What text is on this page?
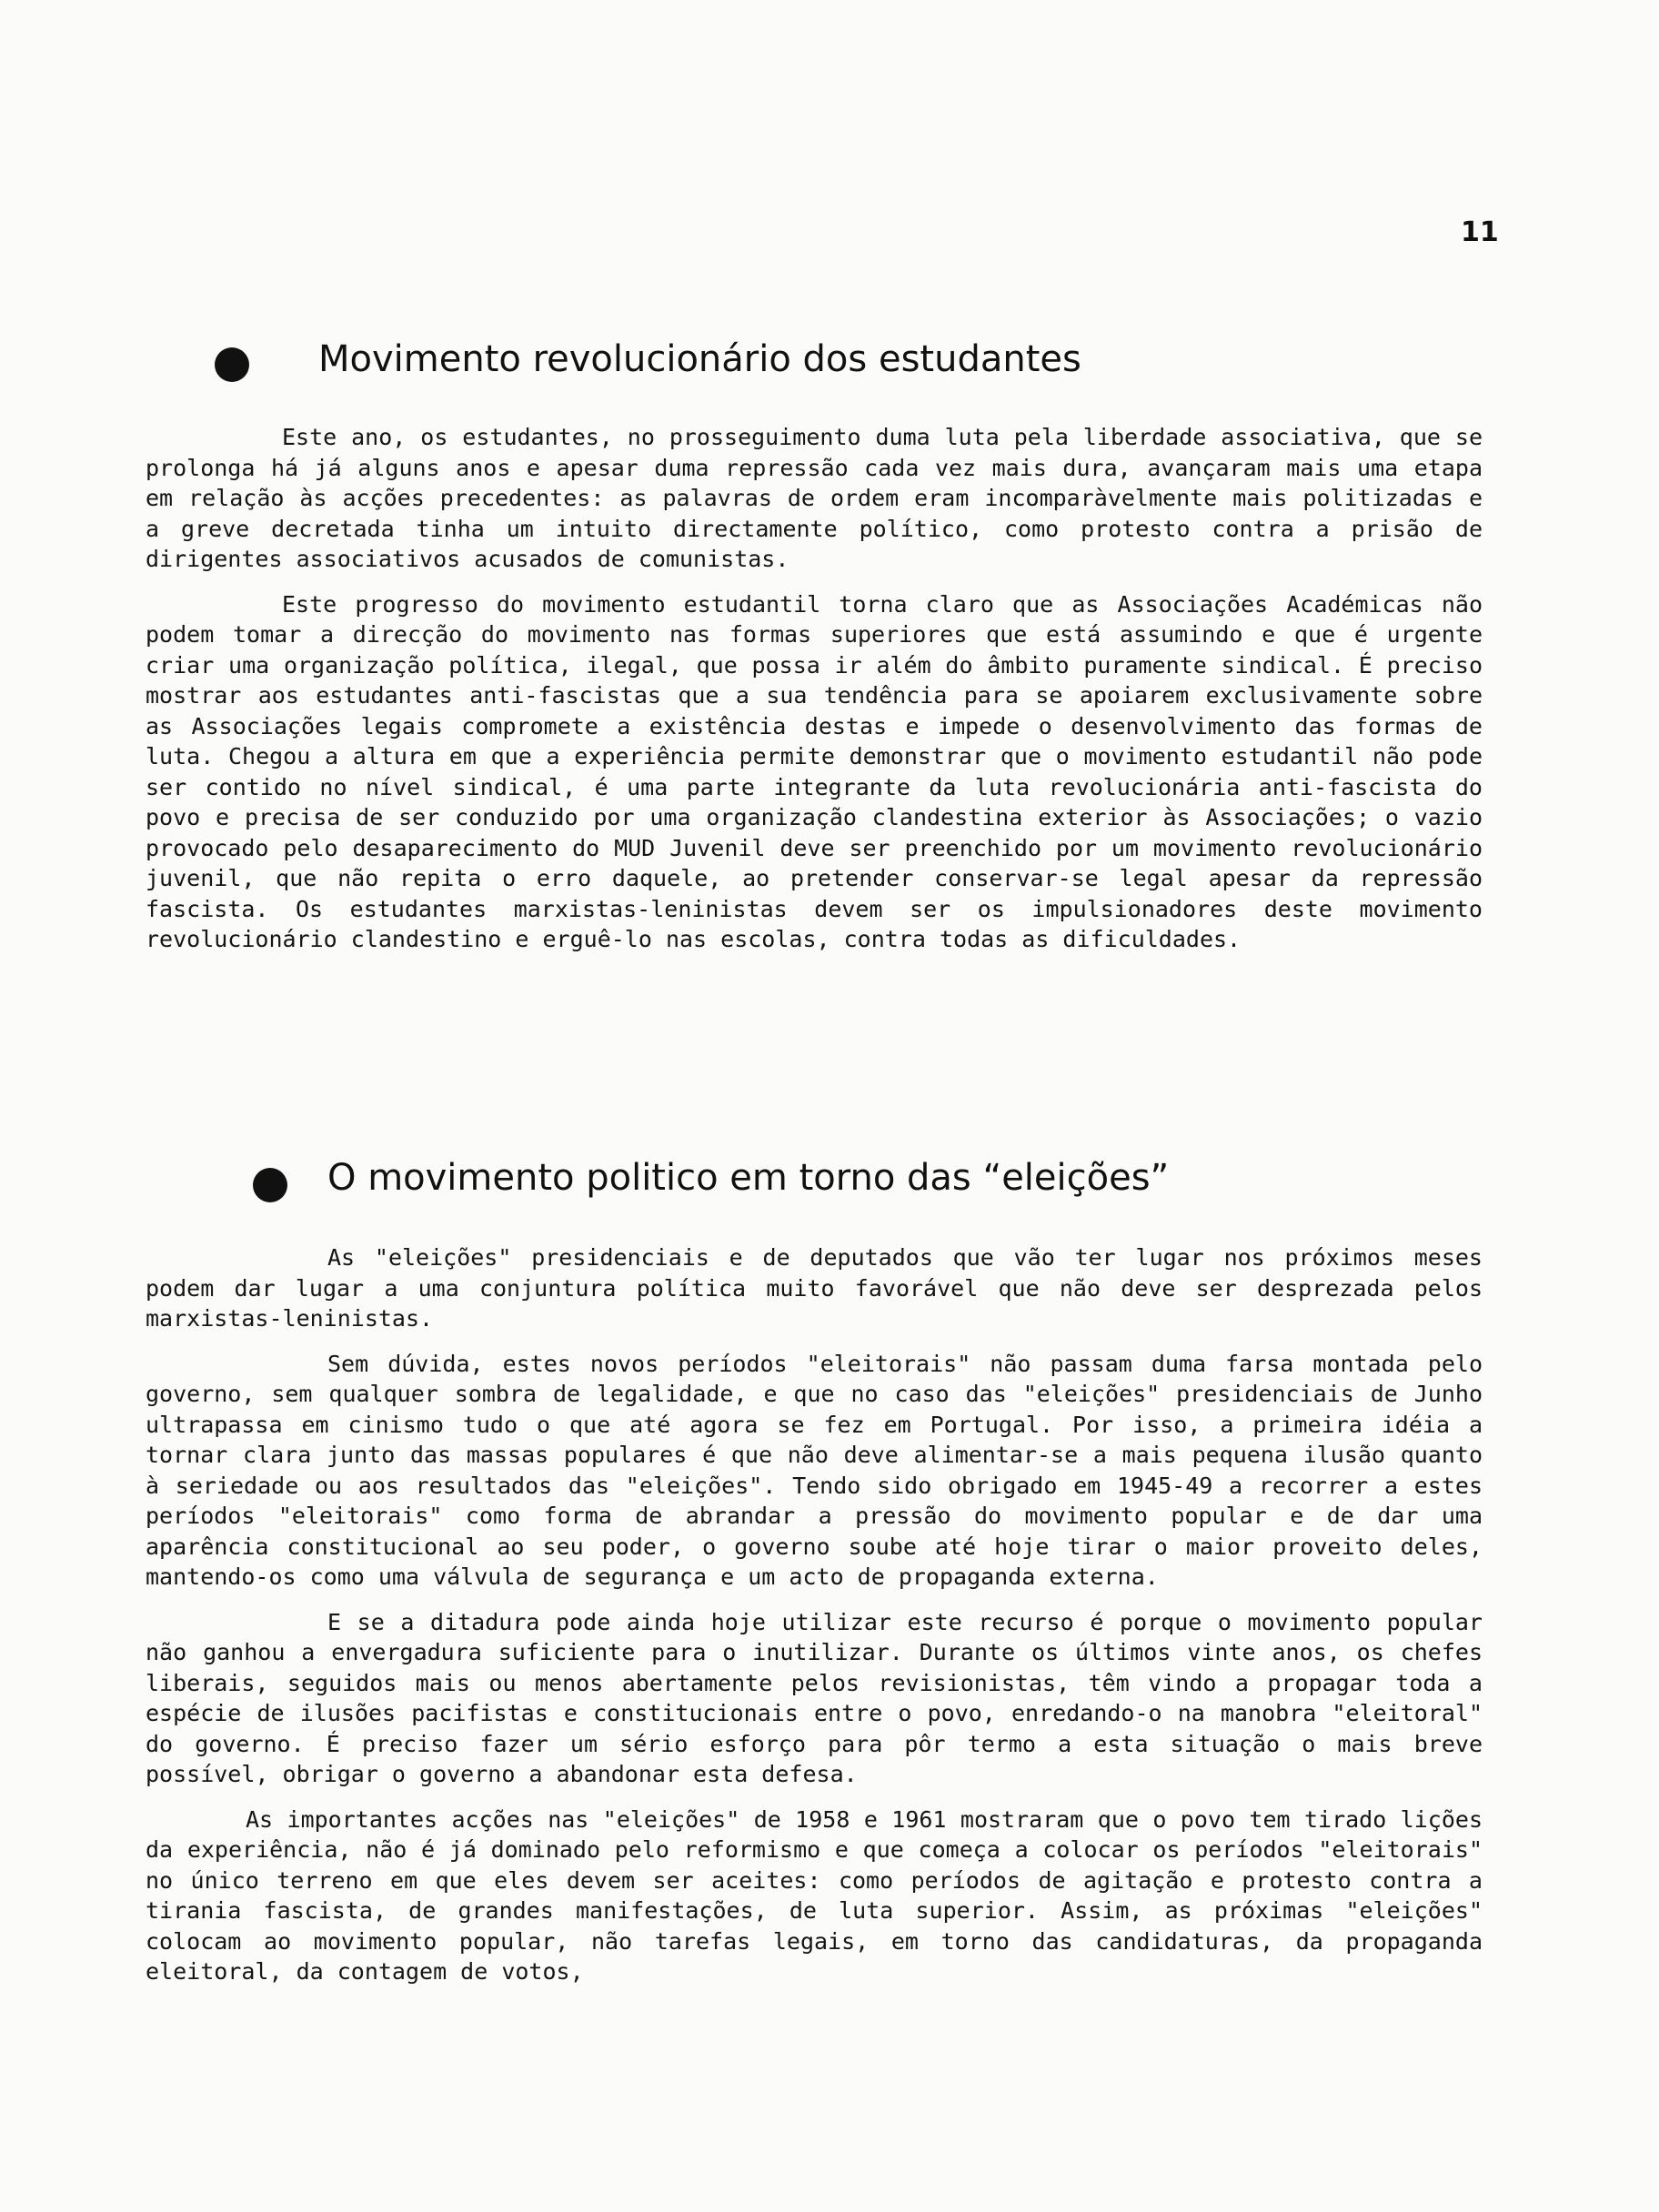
11
Movimento revolucionário dos estudantes

Este ano, os estudantes, no prosseguimento duma luta pela liberdade associativa, que se prolonga há já alguns anos e apesar duma repressão cada vez mais dura, avançaram mais uma etapa em relação às acções precedentes: as palavras de ordem eram incomparàvelmente mais politizadas e a greve decretada tinha um intuito directamente político, como protesto contra a prisão de dirigentes associativos acusados de comunistas.

Este progresso do movimento estudantil torna claro que as Associações Académicas não podem tomar a direcção do movimento nas formas superiores que está assumindo e que é urgente criar uma organização política, ilegal, que possa ir além do âmbito puramente sindical. É preciso mostrar aos estudantes anti-fascistas que a sua tendência para se apoiarem exclusivamente sobre as Associações legais compromete a existência destas e impede o desenvolvimento das formas de luta. Chegou a altura em que a experiência permite demonstrar que o movimento estudantil não pode ser contido no nível sindical, é uma parte integrante da luta revolucionária anti-fascista do povo e precisa de ser conduzido por uma organização clandestina exterior às Associações; o vazio provocado pelo desaparecimento do MUD Juvenil deve ser preenchido por um movimento revolucionário juvenil, que não repita o erro daquele, ao pretender conservar-se legal apesar da repressão fascista. Os estudantes marxistas-leninistas devem ser os impulsionadores deste movimento revolucionário clandestino e erguê-lo nas escolas, contra todas as dificuldades.

O movimento politico em torno das “eleições”

As "eleições" presidenciais e de deputados que vão ter lugar nos próximos meses podem dar lugar a uma conjuntura política muito favorável que não deve ser desprezada pelos marxistas-leninistas.

Sem dúvida, estes novos períodos "eleitorais" não passam duma farsa montada pelo governo, sem qualquer sombra de legalidade, e que no caso das "eleições" presidenciais de Junho ultrapassa em cinismo tudo o que até agora se fez em Portugal. Por isso, a primeira idéia a tornar clara junto das massas populares é que não deve alimentar-se a mais pequena ilusão quanto à seriedade ou aos resultados das "eleições". Tendo sido obrigado em 1945-49 a recorrer a estes períodos "eleitorais" como forma de abrandar a pressão do movimento popular e de dar uma aparência constitucional ao seu poder, o governo soube até hoje tirar o maior proveito deles, mantendo-os como uma válvula de segurança e um acto de propaganda externa.

E se a ditadura pode ainda hoje utilizar este recurso é porque o movimento popular não ganhou a envergadura suficiente para o inutilizar. Durante os últimos vinte anos, os chefes liberais, seguidos mais ou menos abertamente pelos revisionistas, têm vindo a propagar toda a espécie de ilusões pacifistas e constitucionais entre o povo, enredando-o na manobra "eleitoral" do governo. É preciso fazer um sério esforço para pôr termo a esta situação o mais breve possível, obrigar o governo a abandonar esta defesa.

As importantes acções nas "eleições" de 1958 e 1961 mostraram que o povo tem tirado lições da experiência, não é já dominado pelo reformismo e que começa a colocar os períodos "eleitorais" no único terreno em que eles devem ser aceites: como períodos de agitação e protesto contra a tirania fascista, de grandes manifestações, de luta superior. Assim, as próximas "eleições" colocam ao movimento popular, não tarefas legais, em torno das candidaturas, da propaganda eleitoral, da contagem de votos,
